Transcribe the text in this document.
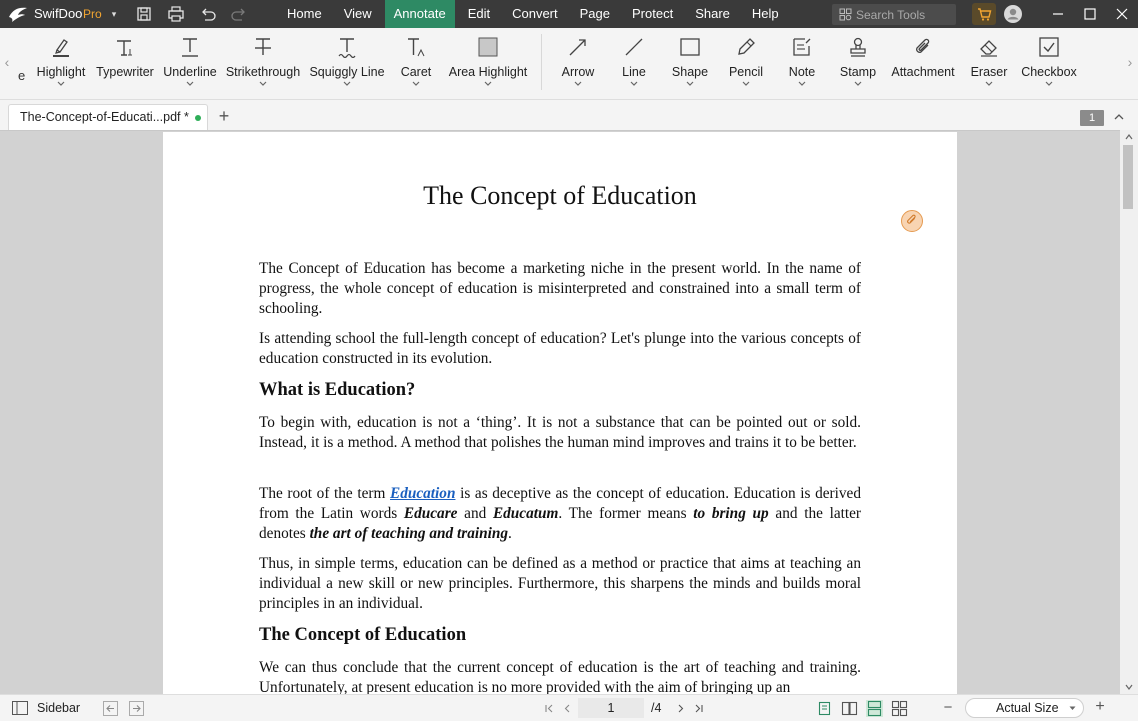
SwifDoo Pro	▾	Home	View	Annotate	Edit	Convert	Page	Protect	Share	Help
Search Tools
‹
e Highlight Typewriter Underline Strikethrough Squiggly Line	Caret	Area Highlight	Arrow	Line	Shape Pencil	Note	Stamp	Attachment Eraser Checkbox
›
The-Concept-of-Educati...pdf * +	1
The Concept of Education

The Concept of Education has become a marketing niche in the present world. In the name of progress, the whole concept of education is misinterpreted and constrained into a small term of schooling.

Is attending school the full-length concept of education? Let's plunge into the various concepts of education constructed in its evolution.

What is Education?

To begin with, education is not a ‘thing’. It is not a substance that can be pointed out or sold. Instead, it is a method. A method that polishes the human mind improves and trains it to be better.

The root of the term Education is as deceptive as the concept of education. Education is derived from the Latin words Educare and Educatum. The former means to bring up and the latter denotes the art of teaching and training.

Thus, in simple terms, education can be defined as a method or practice that aims at teaching an individual a new skill or new principles. Furthermore, this sharpens the minds and builds moral principles in an individual.

The Concept of Education

We can thus conclude that the current concept of education is the art of teaching and training. Unfortunately, at present education is no more provided with the aim of bringing up an

Sidebar
1	/4	−	Actual Size +
